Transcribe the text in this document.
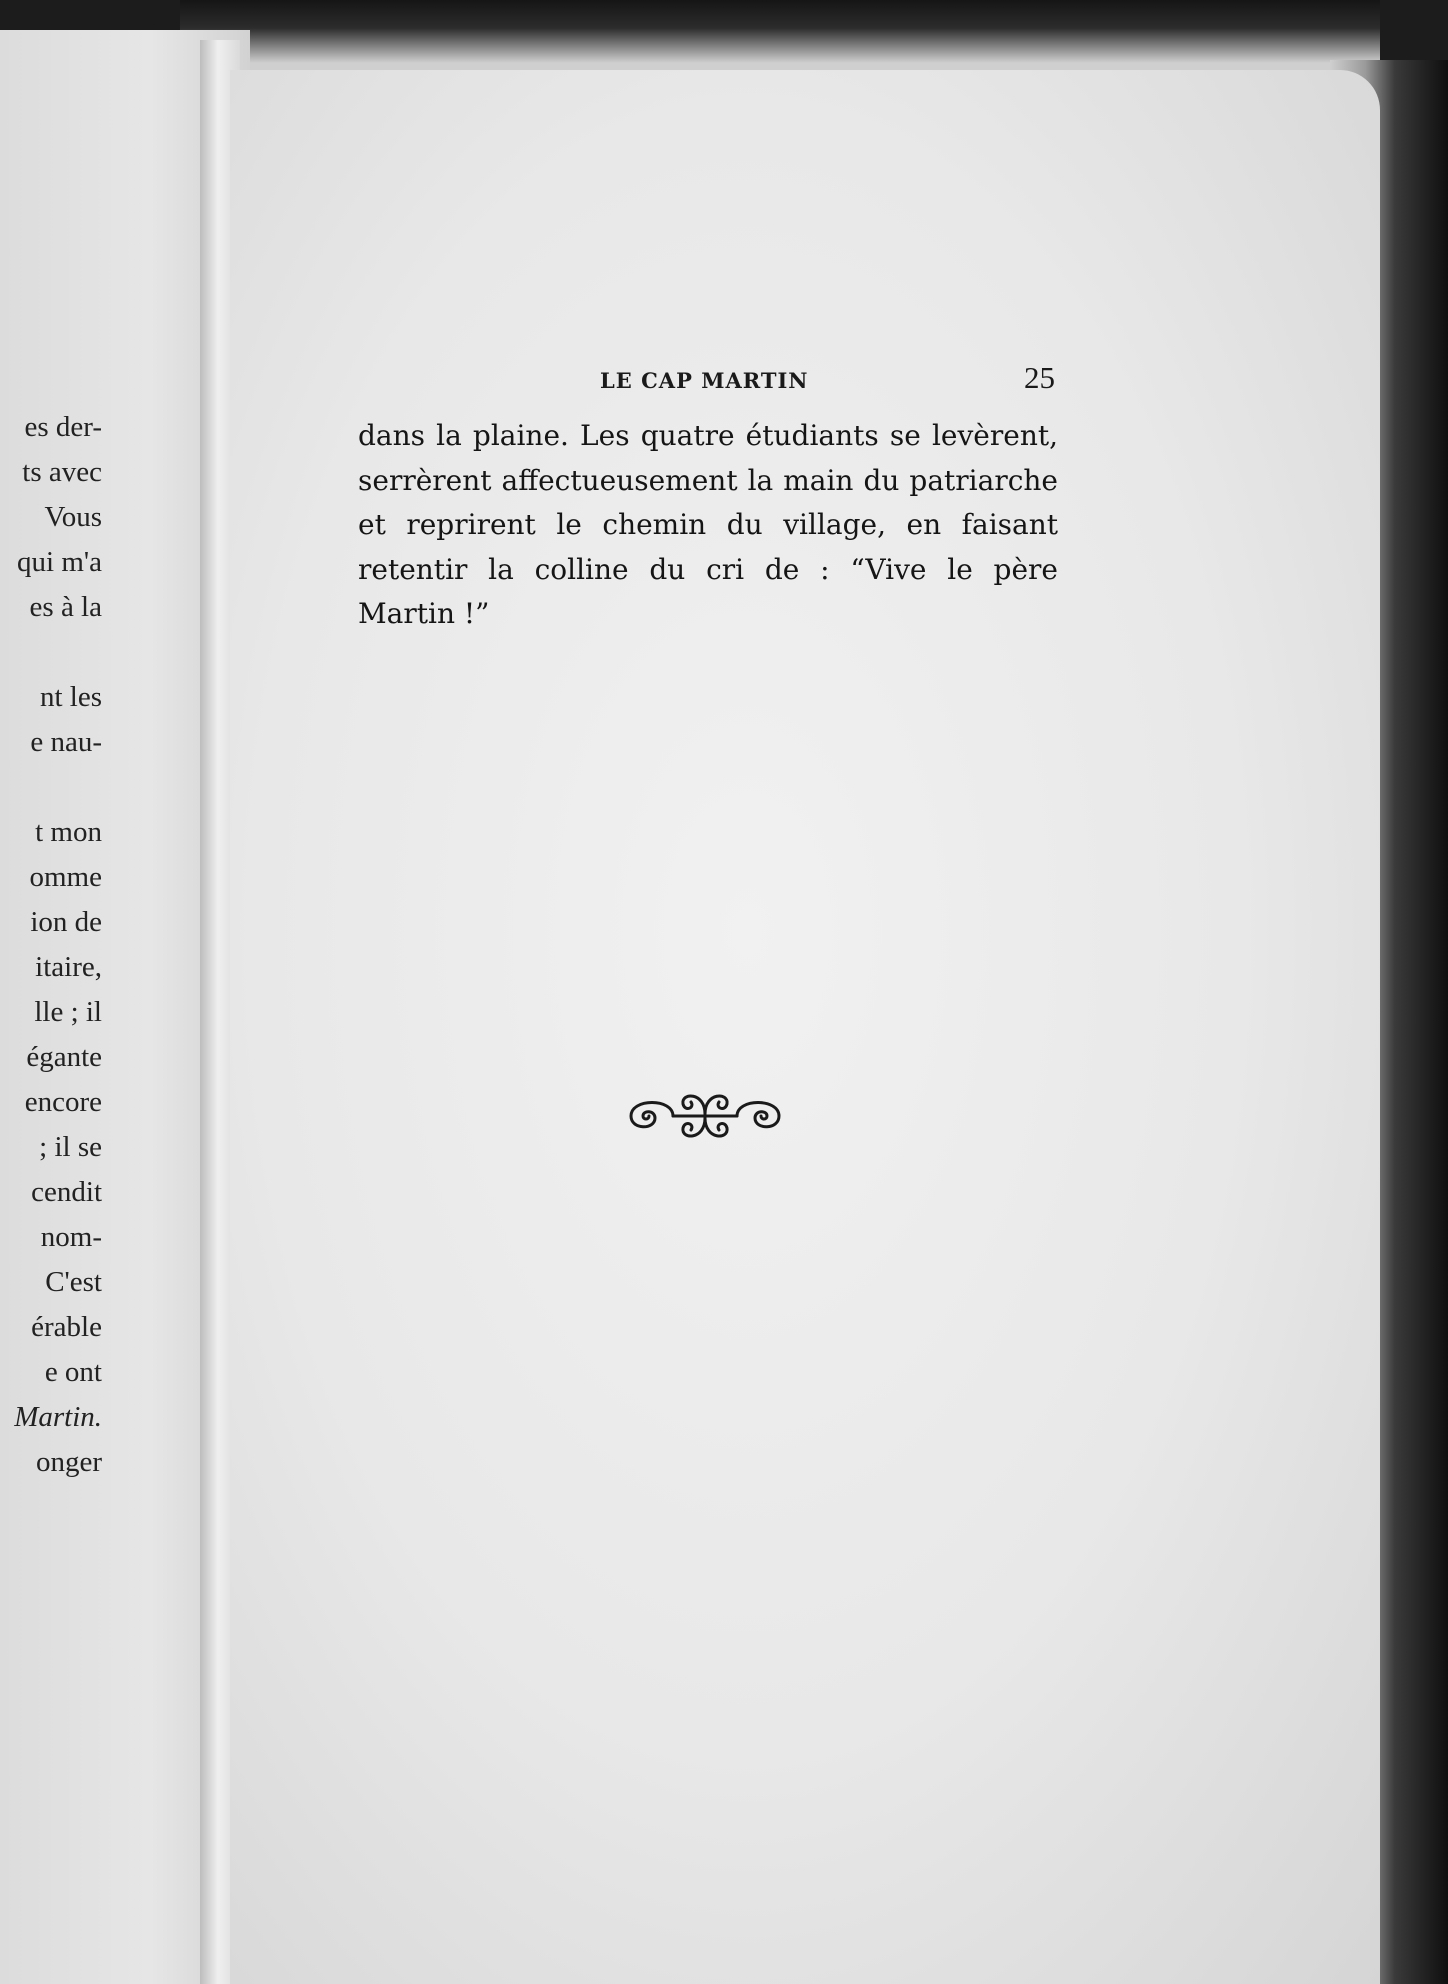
es der-
ts avec
Vous
qui m'a
es à la
nt les
e nau-
t mon
omme
ion de
itaire,
lle ; il
égante
encore
; il se
cendit
nom-
C'est
érable
e ont
Martin.
onger
LE CAP MARTIN	25
dans la plaine. Les quatre étudiants se levèrent,
serrèrent affectueusement la main du patriarche
et reprirent le chemin du village, en faisant
retentir la colline du cri de : “Vive le père
Martin !”
